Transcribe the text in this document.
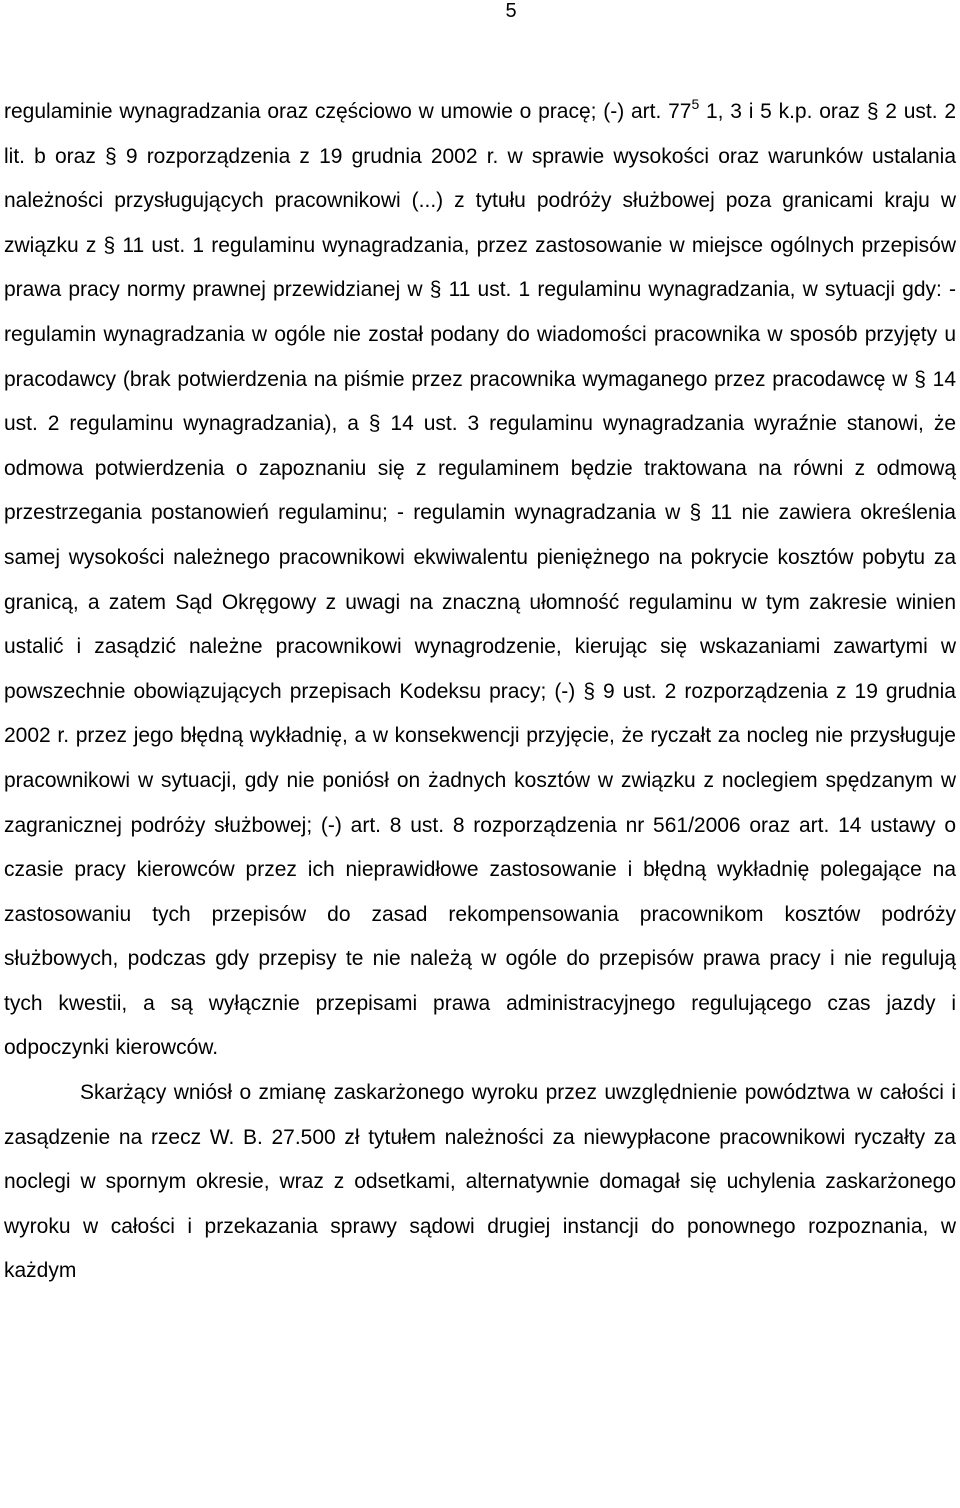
5

regulaminie wynagradzania oraz częściowo w umowie o pracę; (-) art. $77^5$ 1, 3 i 5 k.p. oraz § 2 ust. 2 lit. b oraz § 9 rozporządzenia z 19 grudnia 2002 r. w sprawie wysokości oraz warunków ustalania należności przysługujących pracownikowi (...) z tytułu podróży służbowej poza granicami kraju w związku z § 11 ust. 1 regulaminu wynagradzania, przez zastosowanie w miejsce ogólnych przepisów prawa pracy normy prawnej przewidzianej w § 11 ust. 1 regulaminu wynagradzania, w sytuacji gdy: - regulamin wynagradzania w ogóle nie został podany do wiadomości pracownika w sposób przyjęty u pracodawcy (brak potwierdzenia na piśmie przez pracownika wymaganego przez pracodawcę w § 14 ust. 2 regulaminu wynagradzania), a § 14 ust. 3 regulaminu wynagradzania wyraźnie stanowi, że odmowa potwierdzenia o zapoznaniu się z regulaminem będzie traktowana na równi z odmową przestrzegania postanowień regulaminu; - regulamin wynagradzania w § 11 nie zawiera określenia samej wysokości należnego pracownikowi ekwiwalentu pieniężnego na pokrycie kosztów pobytu za granicą, a zatem Sąd Okręgowy z uwagi na znaczną ułomność regulaminu w tym zakresie winien ustalić i zasądzić należne pracownikowi wynagrodzenie, kierując się wskazaniami zawartymi w powszechnie obowiązujących przepisach Kodeksu pracy; (-) § 9 ust. 2 rozporządzenia z 19 grudnia 2002 r. przez jego błędną wykładnię, a w konsekwencji przyjęcie, że ryczałt za nocleg nie przysługuje pracownikowi w sytuacji, gdy nie poniósł on żadnych kosztów w związku z noclegiem spędzanym w zagranicznej podróży służbowej; (-) art. 8 ust. 8 rozporządzenia nr 561/2006 oraz art. 14 ustawy o czasie pracy kierowców przez ich nieprawidłowe zastosowanie i błędną wykładnię polegające na zastosowaniu tych przepisów do zasad rekompensowania pracownikom kosztów podróży służbowych, podczas gdy przepisy te nie należą w ogóle do przepisów prawa pracy i nie regulują tych kwestii, a są wyłącznie przepisami prawa administracyjnego regulującego czas jazdy i odpoczynki kierowców.

Skarżący wniósł o zmianę zaskarżonego wyroku przez uwzględnienie powództwa w całości i zasądzenie na rzecz W. B. 27.500 zł tytułem należności za niewypłacone pracownikowi ryczałty za noclegi w spornym okresie, wraz z odsetkami, alternatywnie domagał się uchylenia zaskarżonego wyroku w całości i przekazania sprawy sądowi drugiej instancji do ponownego rozpoznania, w każdym
